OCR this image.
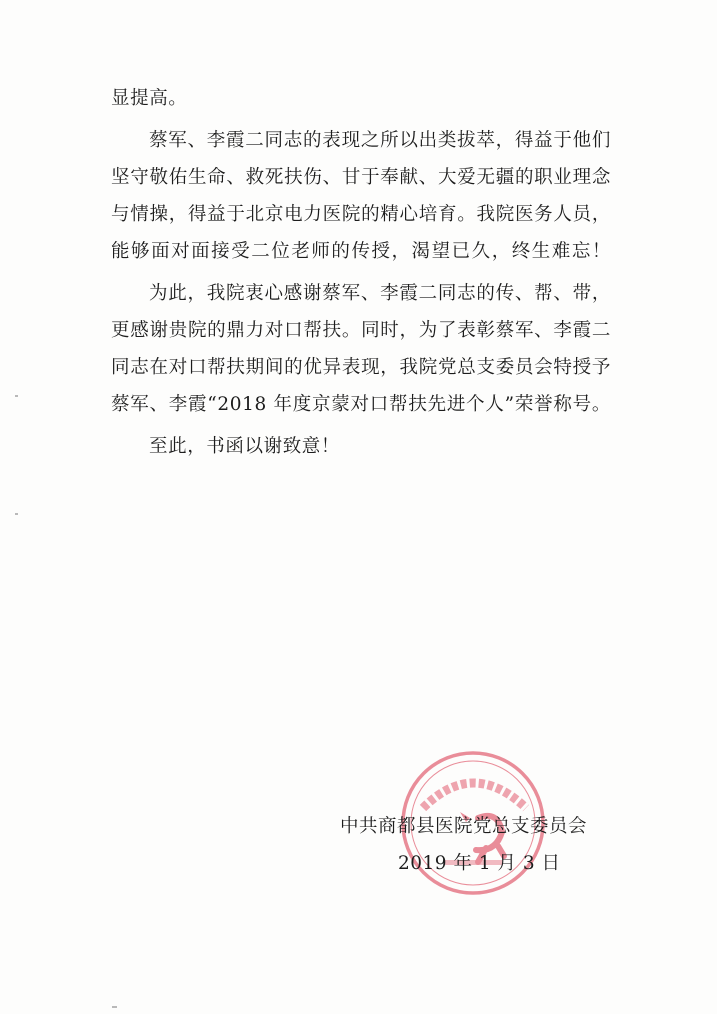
显提高。
蔡军、李霞二同志的表现之所以出类拔萃，得益于他们
坚守敬佑生命、救死扶伤、甘于奉献、大爱无疆的职业理念
与情操，得益于北京电力医院的精心培育。我院医务人员，
能够面对面接受二位老师的传授，渴望已久，终生难忘！
为此，我院衷心感谢蔡军、李霞二同志的传、帮、带，
更感谢贵院的鼎力对口帮扶。同时，为了表彰蔡军、李霞二
同志在对口帮扶期间的优异表现，我院党总支委员会特授予
蔡军、李霞“2018 年度京蒙对口帮扶先进个人”荣誉称号。
至此，书函以谢致意！
中共商都县医院党总支委员会
2019 年 1 月 3 日
